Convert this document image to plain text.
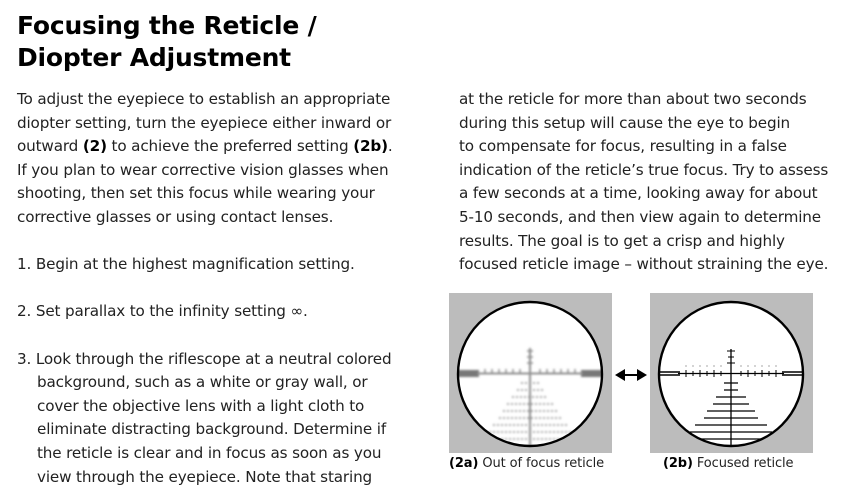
Focusing the Reticle /
Diopter Adjustment

To adjust the eyepiece to establish an appropriate
diopter setting, turn the eyepiece either inward or
outward (2) to achieve the preferred setting (2b).
If you plan to wear corrective vision glasses when
shooting, then set this focus while wearing your
corrective glasses or using contact lenses.

1. Begin at the highest magnification setting.
2. Set parallax to the infinity setting ∞.
3. Look through the riflescope at a neutral colored
background, such as a white or gray wall, or
cover the objective lens with a light cloth to
eliminate distracting background. Determine if
the reticle is clear and in focus as soon as you
view through the eyepiece. Note that staring
at the reticle for more than about two seconds
during this setup will cause the eye to begin
to compensate for focus, resulting in a false
indication of the reticle’s true focus. Try to assess
a few seconds at a time, looking away for about
5-10 seconds, and then view again to determine
results. The goal is to get a crisp and highly
focused reticle image – without straining the eye.
(2a) Out of focus reticle	(2b) Focused reticle
